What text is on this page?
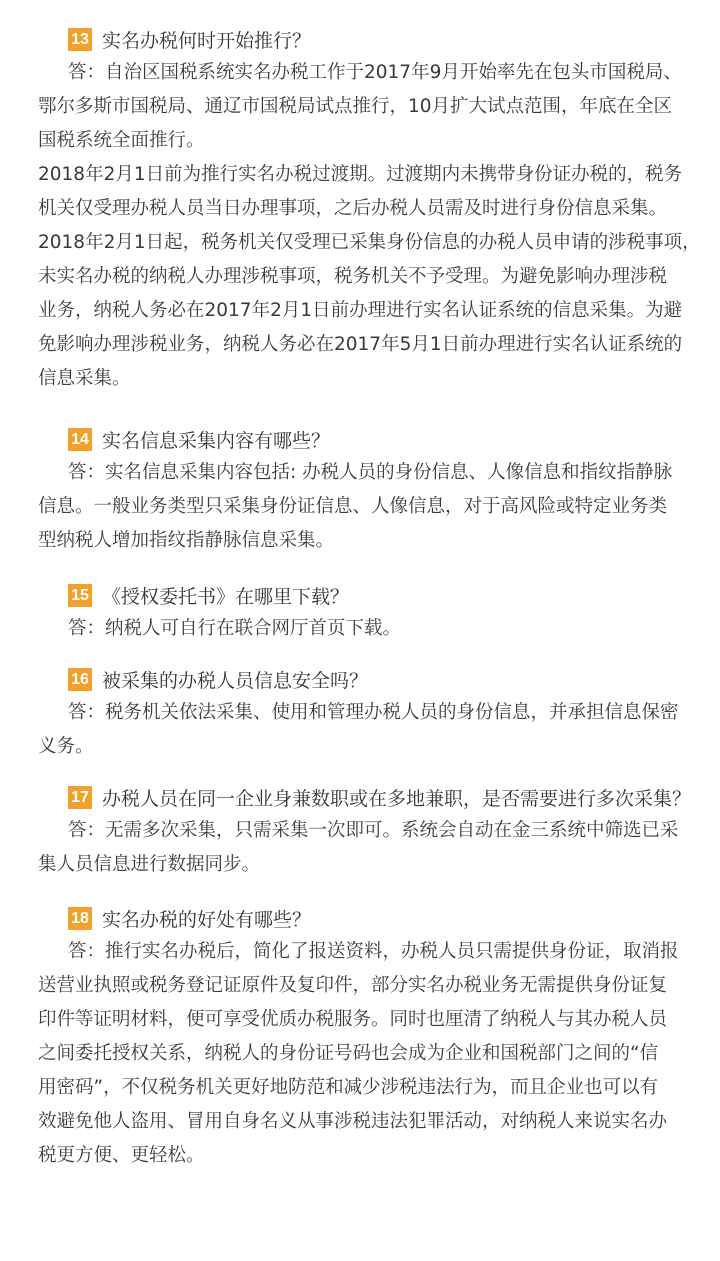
13 实名办税何时开始推行？
答：自治区国税系统实名办税工作于2017年9月开始率先在包头市国税局、
鄂尔多斯市国税局、通辽市国税局试点推行，10月扩大试点范围，年底在全区
国税系统全面推行。
2018年2月1日前为推行实名办税过渡期。过渡期内未携带身份证办税的，税务
机关仅受理办税人员当日办理事项，之后办税人员需及时进行身份信息采集。
2018年2月1日起，税务机关仅受理已采集身份信息的办税人员申请的涉税事项，
未实名办税的纳税人办理涉税事项，税务机关不予受理。为避免影响办理涉税
业务，纳税人务必在2017年2月1日前办理进行实名认证系统的信息采集。为避
免影响办理涉税业务，纳税人务必在2017年5月1日前办理进行实名认证系统的
信息采集。
14 实名信息采集内容有哪些？
答：实名信息采集内容包括: 办税人员的身份信息、人像信息和指纹指静脉
信息。一般业务类型只采集身份证信息、人像信息，对于高风险或特定业务类
型纳税人增加指纹指静脉信息采集。
15 《授权委托书》在哪里下载？
答：纳税人可自行在联合网厅首页下载。
16 被采集的办税人员信息安全吗？
答：税务机关依法采集、使用和管理办税人员的身份信息，并承担信息保密
义务。
17 办税人员在同一企业身兼数职或在多地兼职，是否需要进行多次采集？
答：无需多次采集，只需采集一次即可。系统会自动在金三系统中筛选已采
集人员信息进行数据同步。
18 实名办税的好处有哪些？
答：推行实名办税后，简化了报送资料，办税人员只需提供身份证，取消报
送营业执照或税务登记证原件及复印件，部分实名办税业务无需提供身份证复
印件等证明材料，便可享受优质办税服务。同时也厘清了纳税人与其办税人员
之间委托授权关系，纳税人的身份证号码也会成为企业和国税部门之间的“信
用密码”，不仅税务机关更好地防范和减少涉税违法行为，而且企业也可以有
效避免他人盗用、冒用自身名义从事涉税违法犯罪活动，对纳税人来说实名办
税更方便、更轻松。
